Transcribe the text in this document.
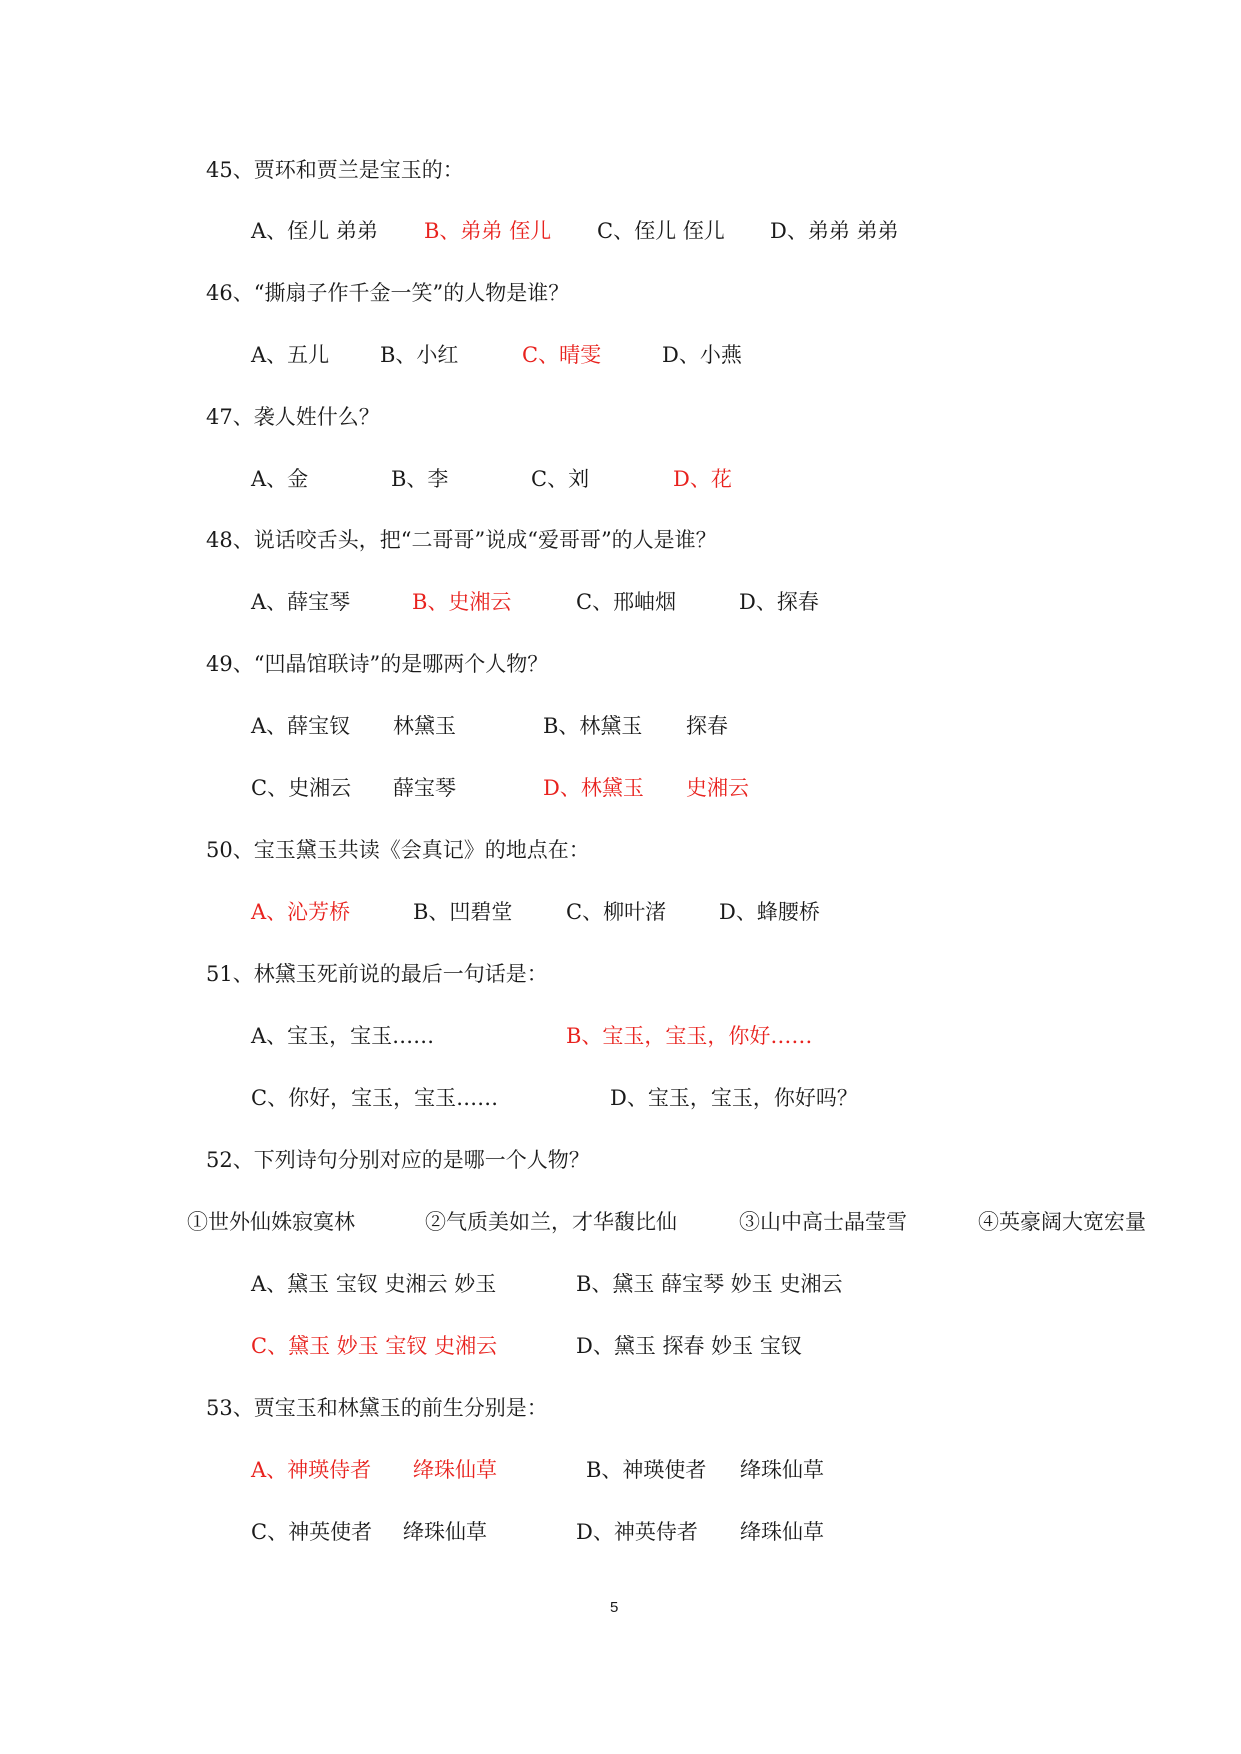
45、贾环和贾兰是宝玉的：
A、侄儿 弟弟 B、弟弟 侄儿 C、侄儿 侄儿 D、弟弟 弟弟
46、“撕扇子作千金一笑”的人物是谁？
A、五儿 B、小红	C、晴雯	D、小燕
47、袭人姓什么？
A、金	B、李	C、刘	D、花
48、说话咬舌头，把“二哥哥”说成“爱哥哥”的人是谁？
A、薛宝琴	B、史湘云	C、邢岫烟	D、探春
49、“凹晶馆联诗”的是哪两个人物？
A、薛宝钗 林黛玉	B、林黛玉 探春
C、史湘云 薛宝琴	D、林黛玉 史湘云
50、宝玉黛玉共读《会真记》的地点在：
A、沁芳桥	B、凹碧堂	C、柳叶渚	D、蜂腰桥
51、林黛玉死前说的最后一句话是：
A、宝玉，宝玉……	B、宝玉，宝玉，你好……
C、你好，宝玉，宝玉……	D、宝玉，宝玉，你好吗？
52、下列诗句分别对应的是哪一个人物？
①世外仙姝寂寞林	②气质美如兰，才华馥比仙	③山中高士晶莹雪	④英豪阔大宽宏量
A、黛玉 宝钗 史湘云 妙玉	B、黛玉 薛宝琴 妙玉 史湘云
C、黛玉 妙玉 宝钗 史湘云	D、黛玉 探春 妙玉 宝钗
53、贾宝玉和林黛玉的前生分别是：
A、神瑛侍者 绛珠仙草	B、神瑛使者 绛珠仙草
C、神英使者 绛珠仙草	D、神英侍者 绛珠仙草
5
